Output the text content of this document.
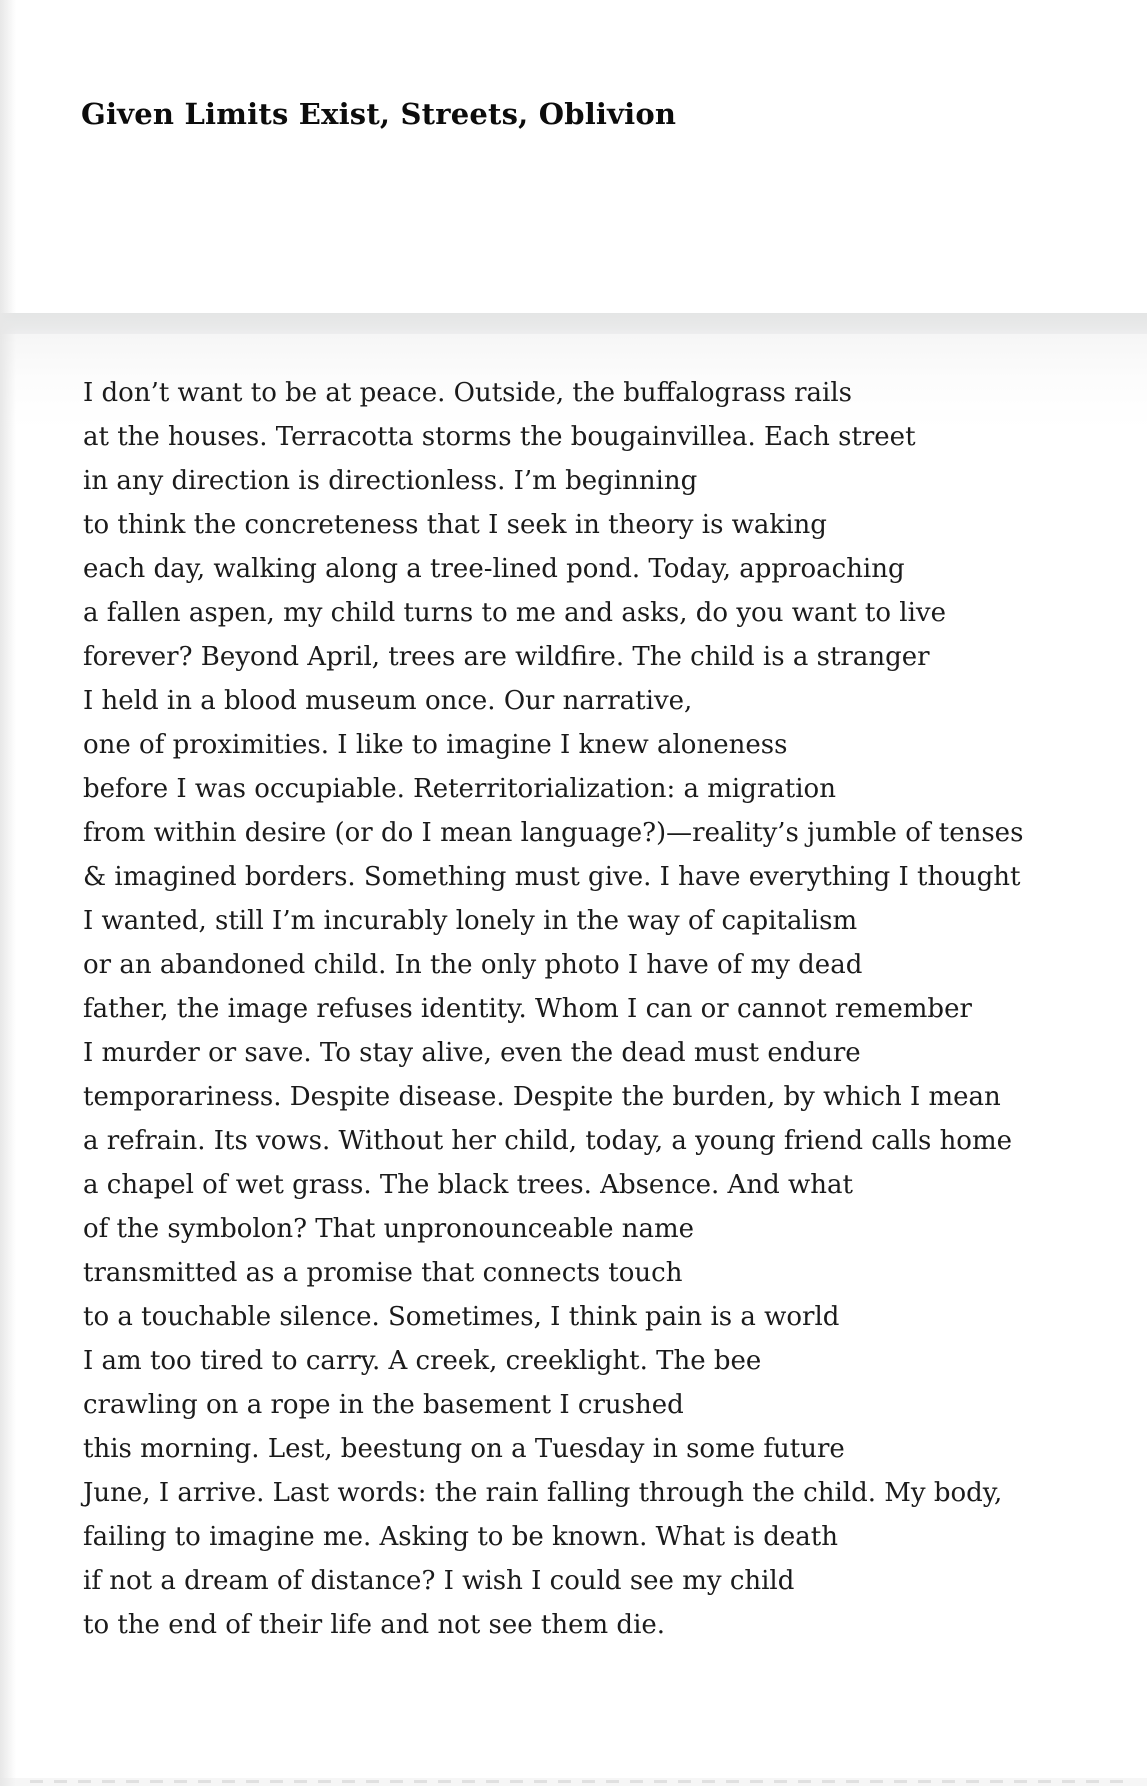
Given Limits Exist, Streets, Oblivion
I don’t want to be at peace. Outside, the buffalograss rails
at the houses. Terracotta storms the bougainvillea. Each street
in any direction is directionless. I’m beginning
to think the concreteness that I seek in theory is waking
each day, walking along a tree-lined pond. Today, approaching
a fallen aspen, my child turns to me and asks, do you want to live
forever? Beyond April, trees are wildfire. The child is a stranger
I held in a blood museum once. Our narrative,
one of proximities. I like to imagine I knew aloneness
before I was occupiable. Reterritorialization: a migration
from within desire (or do I mean language?)—reality’s jumble of tenses
& imagined borders. Something must give. I have everything I thought
I wanted, still I’m incurably lonely in the way of capitalism
or an abandoned child. In the only photo I have of my dead
father, the image refuses identity. Whom I can or cannot remember
I murder or save. To stay alive, even the dead must endure
temporariness. Despite disease. Despite the burden, by which I mean
a refrain. Its vows. Without her child, today, a young friend calls home
a chapel of wet grass. The black trees. Absence. And what
of the symbolon? That unpronounceable name
transmitted as a promise that connects touch
to a touchable silence. Sometimes, I think pain is a world
I am too tired to carry. A creek, creeklight. The bee
crawling on a rope in the basement I crushed
this morning. Lest, beestung on a Tuesday in some future
June, I arrive. Last words: the rain falling through the child. My body,
failing to imagine me. Asking to be known. What is death
if not a dream of distance? I wish I could see my child
to the end of their life and not see them die.
